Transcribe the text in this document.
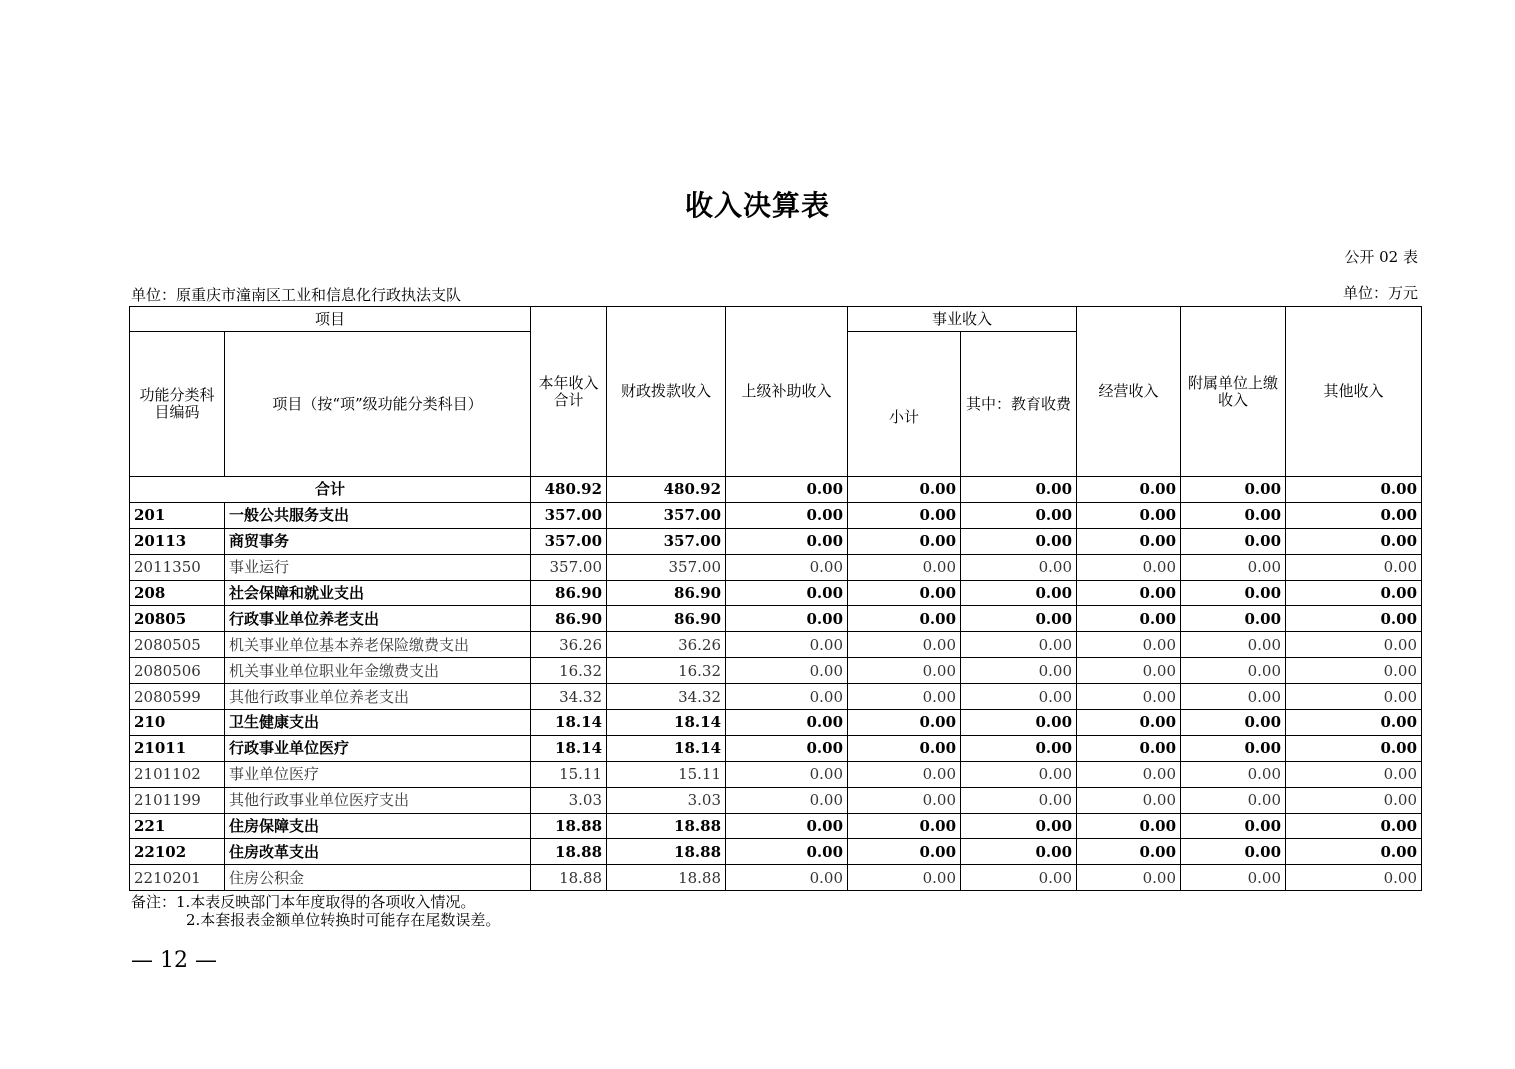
收入决算表
公开 02 表
单位：原重庆市潼南区工业和信息化行政执法支队	单位：万元
项目		本年收入合计	财政拨款收入	上级补助收入	事业收入		经营收入	附属单位上缴收入	其他收入
功能分类科目编码	项目（按“项”级功能分类科目）				小计	其中：教育收费			
合计		480.92	480.92	0.00	0.00	0.00	0.00	0.00	0.00
201	一般公共服务支出	357.00	357.00	0.00	0.00	0.00	0.00	0.00	0.00
20113	商贸事务	357.00	357.00	0.00	0.00	0.00	0.00	0.00	0.00
2011350	事业运行	357.00	357.00	0.00	0.00	0.00	0.00	0.00	0.00
208	社会保障和就业支出	86.90	86.90	0.00	0.00	0.00	0.00	0.00	0.00
20805	行政事业单位养老支出	86.90	86.90	0.00	0.00	0.00	0.00	0.00	0.00
2080505	机关事业单位基本养老保险缴费支出	36.26	36.26	0.00	0.00	0.00	0.00	0.00	0.00
2080506	机关事业单位职业年金缴费支出	16.32	16.32	0.00	0.00	0.00	0.00	0.00	0.00
2080599	其他行政事业单位养老支出	34.32	34.32	0.00	0.00	0.00	0.00	0.00	0.00
210	卫生健康支出	18.14	18.14	0.00	0.00	0.00	0.00	0.00	0.00
21011	行政事业单位医疗	18.14	18.14	0.00	0.00	0.00	0.00	0.00	0.00
2101102	事业单位医疗	15.11	15.11	0.00	0.00	0.00	0.00	0.00	0.00
2101199	其他行政事业单位医疗支出	3.03	3.03	0.00	0.00	0.00	0.00	0.00	0.00
221	住房保障支出	18.88	18.88	0.00	0.00	0.00	0.00	0.00	0.00
22102	住房改革支出	18.88	18.88	0.00	0.00	0.00	0.00	0.00	0.00
2210201	住房公积金	18.88	18.88	0.00	0.00	0.00	0.00	0.00	0.00
备注：1.本表反映部门本年度取得的各项收入情况。
2.本套报表金额单位转换时可能存在尾数误差。
— 12 —
